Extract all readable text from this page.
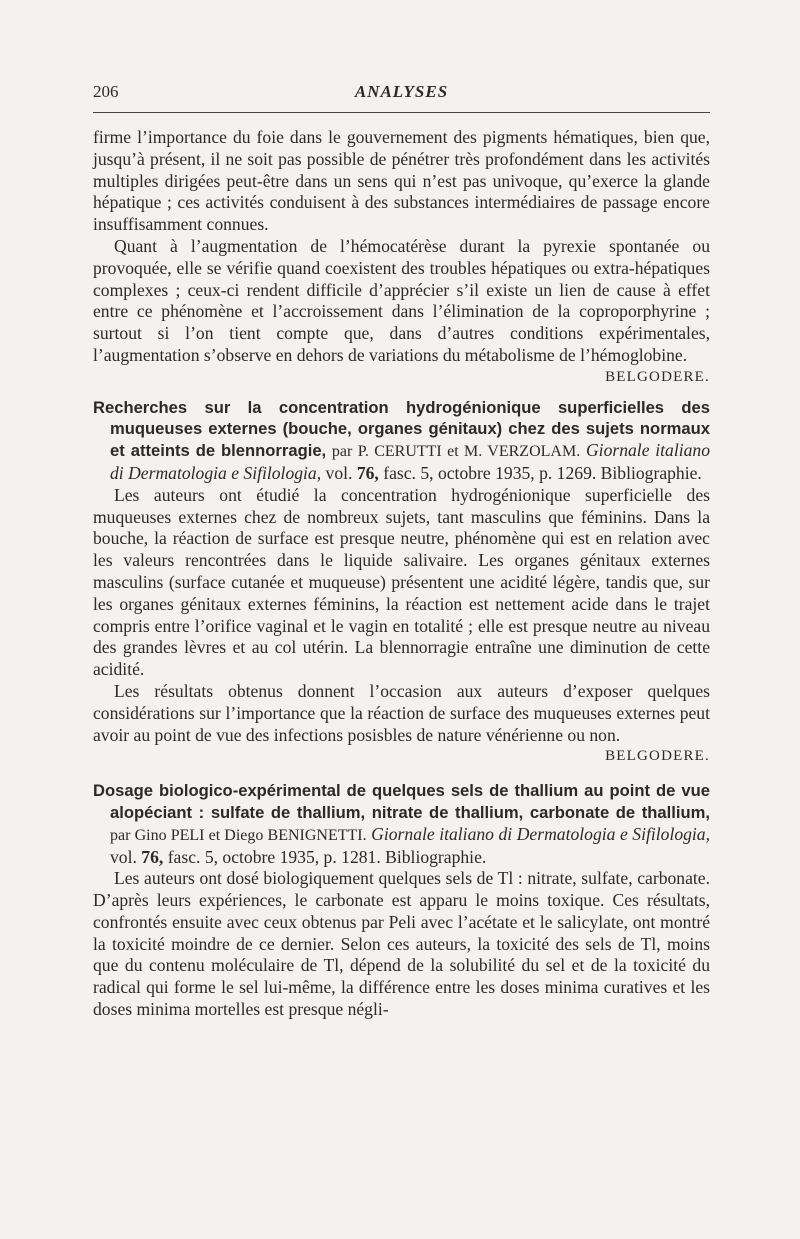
206	ANALYSES

firme l’importance du foie dans le gouvernement des pigments hématiques, bien que, jusqu’à présent, il ne soit pas possible de pénétrer très profondément dans les activités multiples dirigées peut-être dans un sens qui n’est pas univoque, qu’exerce la glande hépatique ; ces activités conduisent à des substances intermédiaires de passage encore insuffisamment connues.

Quant à l’augmentation de l’hémocatérèse durant la pyrexie spontanée ou provoquée, elle se vérifie quand coexistent des troubles hépatiques ou extra-hépatiques complexes ; ceux-ci rendent difficile d’apprécier s’il existe un lien de cause à effet entre ce phénomène et l’accroissement dans l’élimination de la coproporphyrine ; surtout si l’on tient compte que, dans d’autres conditions expérimentales, l’augmentation s’observe en dehors de variations du métabolisme de l’hémoglobine.

BELGODERE.
Recherches sur la concentration hydrogénionique superficielles des muqueuses externes (bouche, organes génitaux) chez des sujets normaux et atteints de blennorragie, par P. CERUTTI et M. VERZOLAM. Giornale italiano di Dermatologia e Sifilologia, vol. 76, fasc. 5, octobre 1935, p. 1269. Bibliographie.

Les auteurs ont étudié la concentration hydrogénionique superficielle des muqueuses externes chez de nombreux sujets, tant masculins que féminins. Dans la bouche, la réaction de surface est presque neutre, phénomène qui est en relation avec les valeurs rencontrées dans le liquide salivaire. Les organes génitaux externes masculins (surface cutanée et muqueuse) présentent une acidité légère, tandis que, sur les organes génitaux externes féminins, la réaction est nettement acide dans le trajet compris entre l’orifice vaginal et le vagin en totalité ; elle est presque neutre au niveau des grandes lèvres et au col utérin. La blennorragie entraîne une diminution de cette acidité.

Les résultats obtenus donnent l’occasion aux auteurs d’exposer quelques considérations sur l’importance que la réaction de surface des muqueuses externes peut avoir au point de vue des infections posisbles de nature vénérienne ou non.
BELGODERE.

Dosage biologico-expérimental de quelques sels de thallium au point de vue alopéciant : sulfate de thallium, nitrate de thallium, carbonate de thallium, par Gino PELI et Diego BENIGNETTI. Giornale italiano di Dermatologia e Sifilologia, vol. 76, fasc. 5, octobre 1935, p. 1281. Bibliographie.

Les auteurs ont dosé biologiquement quelques sels de Tl : nitrate, sulfate, carbonate. D’après leurs expériences, le carbonate est apparu le moins toxique. Ces résultats, confrontés ensuite avec ceux obtenus par Peli avec l’acétate et le salicylate, ont montré la toxicité moindre de ce dernier. Selon ces auteurs, la toxicité des sels de Tl, moins que du contenu moléculaire de Tl, dépend de la solubilité du sel et de la toxicité du radical qui forme le sel lui-même, la différence entre les doses minima curatives et les doses minima mortelles est presque négli-
